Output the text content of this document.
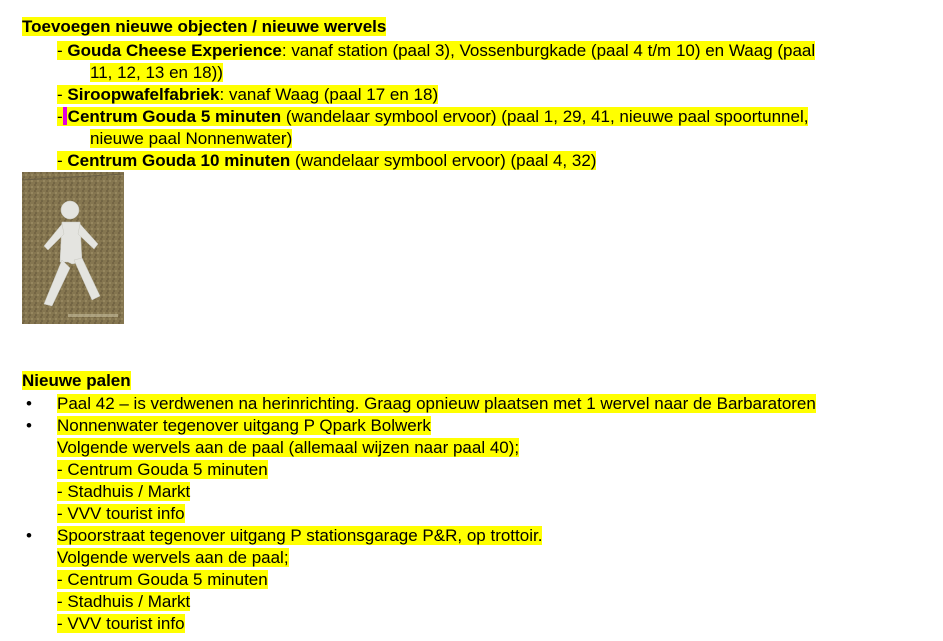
Toevoegen nieuwe objecten / nieuwe wervels
- Gouda Cheese Experience: vanaf station (paal 3), Vossenburgkade (paal 4 t/m 10) en Waag (paal
11, 12, 13 en 18))
- Siroopwafelfabriek: vanaf Waag (paal 17 en 18)
- Centrum Gouda 5 minuten (wandelaar symbool ervoor) (paal 1, 29, 41, nieuwe paal spoortunnel,
nieuwe paal Nonnenwater)
- Centrum Gouda 10 minuten (wandelaar symbool ervoor) (paal 4, 32)
Nieuwe palen
• Paal 42 – is verdwenen na herinrichting. Graag opnieuw plaatsen met 1 wervel naar de Barbaratoren
• Nonnenwater tegenover uitgang P Qpark Bolwerk
Volgende wervels aan de paal (allemaal wijzen naar paal 40);
- Centrum Gouda 5 minuten
- Stadhuis / Markt
- VVV tourist info
• Spoorstraat tegenover uitgang P stationsgarage P&R, op trottoir.
Volgende wervels aan de paal;
- Centrum Gouda 5 minuten
- Stadhuis / Markt
- VVV tourist info
